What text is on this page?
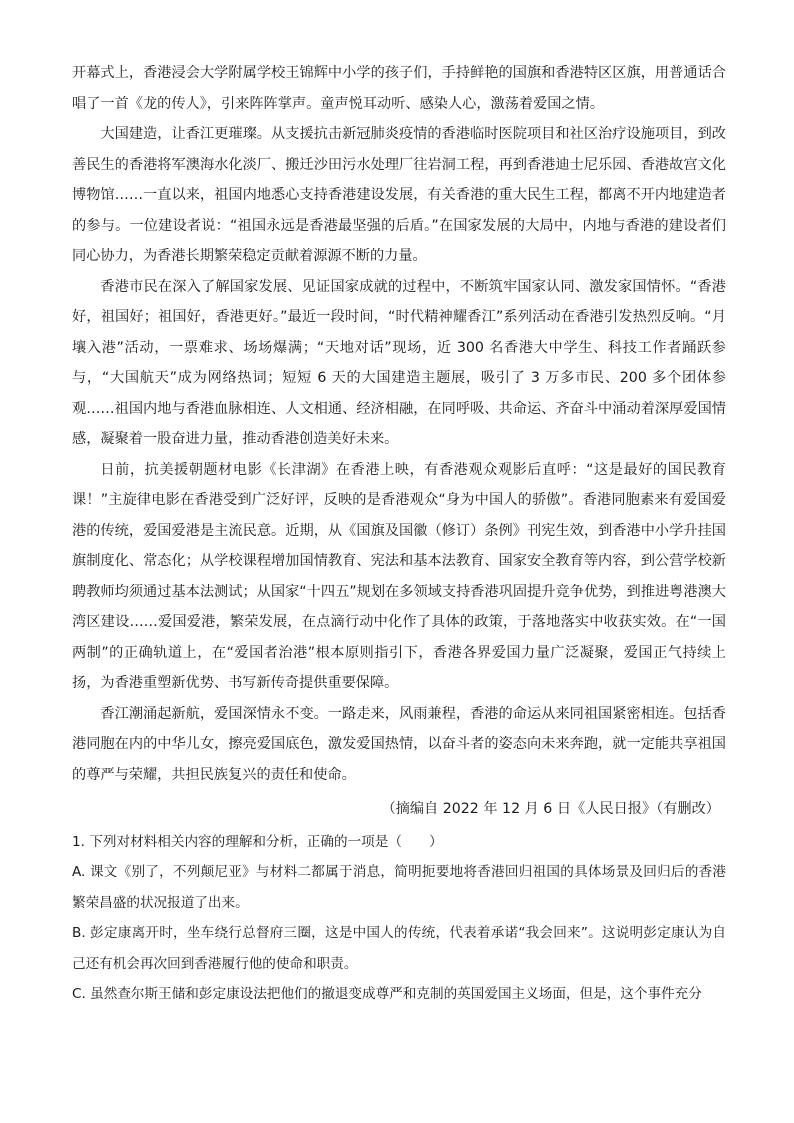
开幕式上，香港浸会大学附属学校王锦辉中小学的孩子们，手持鲜艳的国旗和香港特区区旗，用普通话合唱了一首《龙的传人》，引来阵阵掌声。童声悦耳动听、感染人心，激荡着爱国之情。

大国建造，让香江更璀璨。从支援抗击新冠肺炎疫情的香港临时医院项目和社区治疗设施项目，到改善民生的香港将军澳海水化淡厂、搬迁沙田污水处理厂往岩洞工程，再到香港迪士尼乐园、香港故宫文化博物馆……一直以来，祖国内地悉心支持香港建设发展，有关香港的重大民生工程，都离不开内地建造者的参与。一位建设者说：“祖国永远是香港最坚强的后盾。”在国家发展的大局中，内地与香港的建设者们同心协力，为香港长期繁荣稳定贡献着源源不断的力量。

香港市民在深入了解国家发展、见证国家成就的过程中，不断筑牢国家认同、激发家国情怀。“香港好，祖国好；祖国好，香港更好。”最近一段时间，“时代精神耀香江”系列活动在香港引发热烈反响。“月壤入港”活动，一票难求、场场爆满；“天地对话”现场，近 300 名香港大中学生、科技工作者踊跃参与，“大国航天”成为网络热词；短短 6 天的大国建造主题展，吸引了 3 万多市民、200 多个团体参观……祖国内地与香港血脉相连、人文相通、经济相融，在同呼吸、共命运、齐奋斗中涌动着深厚爱国情感，凝聚着一股奋进力量，推动香港创造美好未来。

日前，抗美援朝题材电影《长津湖》在香港上映，有香港观众观影后直呼：“这是最好的国民教育课！”主旋律电影在香港受到广泛好评，反映的是香港观众“身为中国人的骄傲”。香港同胞素来有爱国爱港的传统，爱国爱港是主流民意。近期，从《国旗及国徽（修订）条例》刊宪生效，到香港中小学升挂国旗制度化、常态化；从学校课程增加国情教育、宪法和基本法教育、国家安全教育等内容，到公营学校新聘教师均须通过基本法测试；从国家“十四五”规划在多领域支持香港巩固提升竞争优势，到推进粤港澳大湾区建设……爱国爱港，繁荣发展，在点滴行动中化作了具体的政策，于落地落实中收获实效。在“一国两制”的正确轨道上，在“爱国者治港”根本原则指引下，香港各界爱国力量广泛凝聚，爱国正气持续上扬，为香港重塑新优势、书写新传奇提供重要保障。

香江潮涌起新航，爱国深情永不变。一路走来，风雨兼程，香港的命运从来同祖国紧密相连。包括香港同胞在内的中华儿女，擦亮爱国底色，激发爱国热情，以奋斗者的姿态向未来奔跑，就一定能共享祖国的尊严与荣耀，共担民族复兴的责任和使命。

（摘编自 2022 年 12 月 6 日《人民日报》（有删改）

1. 下列对材料相关内容的理解和分析，正确的一项是（　　）

A. 课文《别了，不列颠尼亚》与材料二都属于消息，简明扼要地将香港回归祖国的具体场景及回归后的香港繁荣昌盛的状况报道了出来。

B. 彭定康离开时，坐车绕行总督府三圈，这是中国人的传统，代表着承诺“我会回来”。这说明彭定康认为自己还有机会再次回到香港履行他的使命和职责。

C. 虽然查尔斯王储和彭定康设法把他们的撤退变成尊严和克制的英国爱国主义场面，但是，这个事件充分
